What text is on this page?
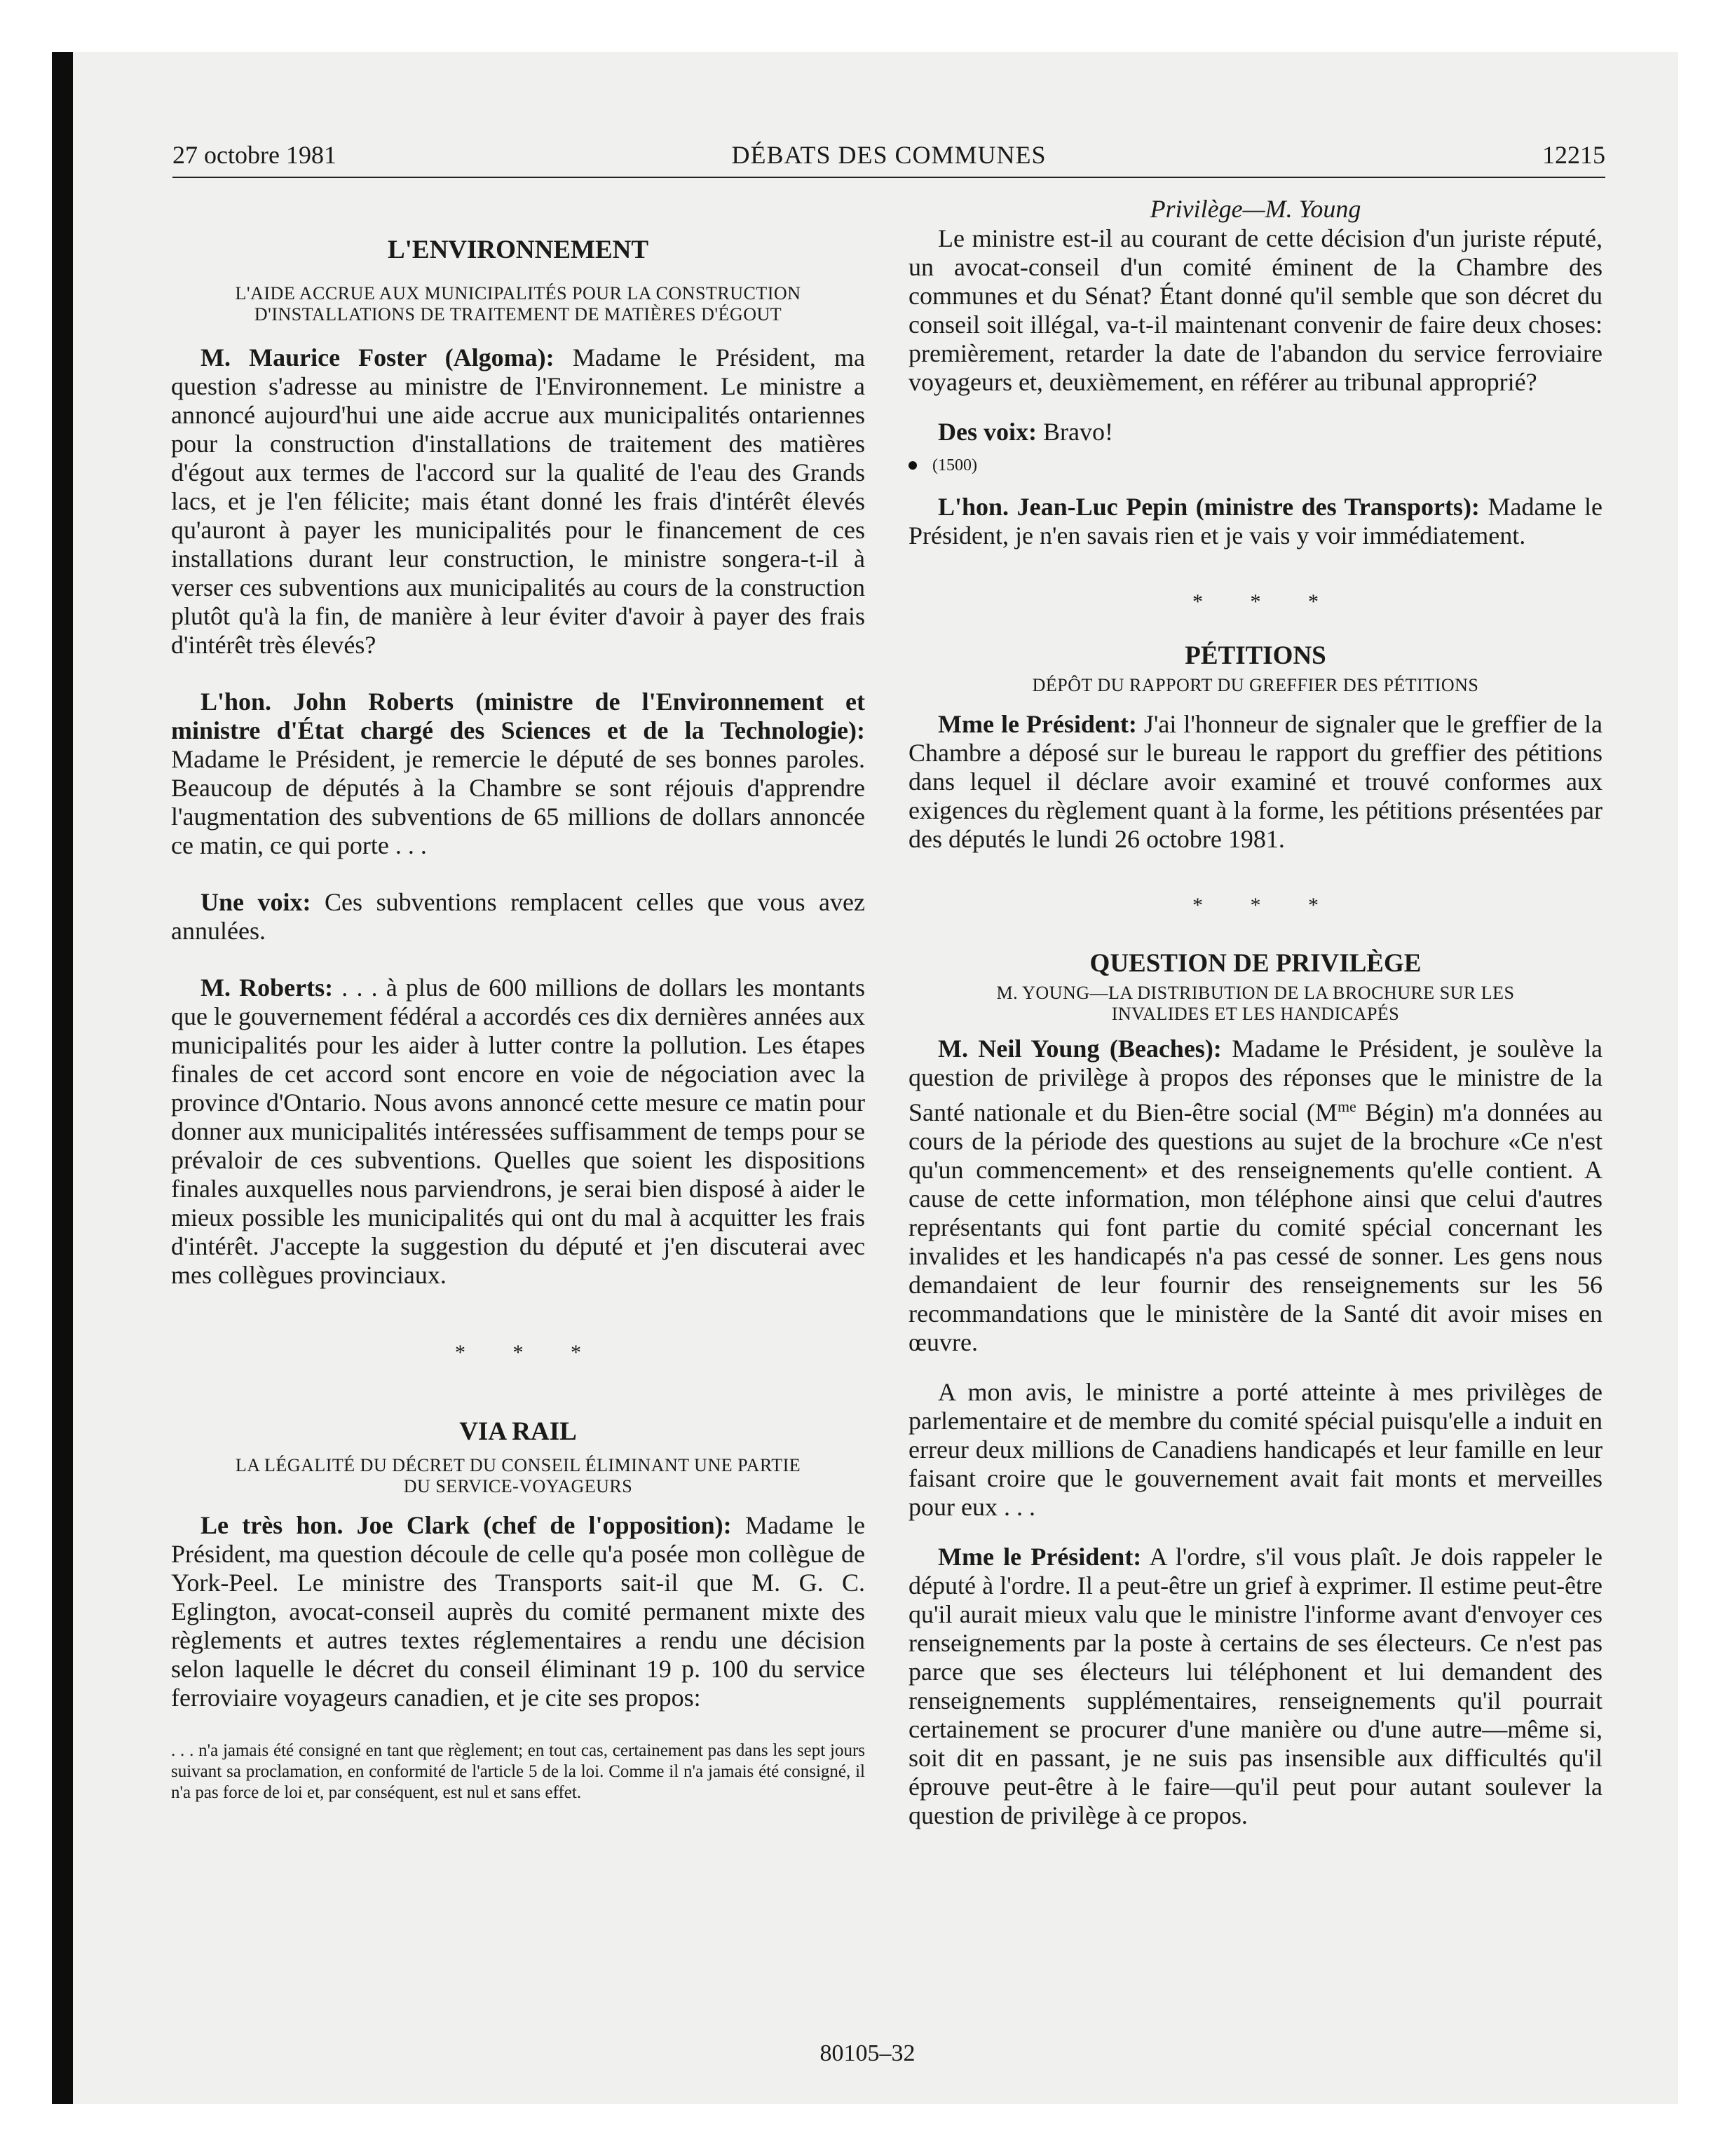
27 octobre 1981	DÉBATS DES COMMUNES	12215
L'ENVIRONNEMENT
L'AIDE ACCRUE AUX MUNICIPALITÉS POUR LA CONSTRUCTION
D'INSTALLATIONS DE TRAITEMENT DE MATIÈRES D'ÉGOUT

M. Maurice Foster (Algoma): Madame le Président, ma question s'adresse au ministre de l'Environnement. Le ministre a annoncé aujourd'hui une aide accrue aux municipalités ontariennes pour la construction d'installations de traitement des matières d'égout aux termes de l'accord sur la qualité de l'eau des Grands lacs, et je l'en félicite; mais étant donné les frais d'intérêt élevés qu'auront à payer les municipalités pour le financement de ces installations durant leur construction, le ministre songera-t-il à verser ces subventions aux municipalités au cours de la construction plutôt qu'à la fin, de manière à leur éviter d'avoir à payer des frais d'intérêt très élevés?

L'hon. John Roberts (ministre de l'Environnement et ministre d'État chargé des Sciences et de la Technologie): Madame le Président, je remercie le député de ses bonnes paroles. Beaucoup de députés à la Chambre se sont réjouis d'apprendre l'augmentation des subventions de 65 millions de dollars annoncée ce matin, ce qui porte . . .

Une voix: Ces subventions remplacent celles que vous avez annulées.

M. Roberts: . . . à plus de 600 millions de dollars les montants que le gouvernement fédéral a accordés ces dix dernières années aux municipalités pour les aider à lutter contre la pollution. Les étapes finales de cet accord sont encore en voie de négociation avec la province d'Ontario. Nous avons annoncé cette mesure ce matin pour donner aux municipalités intéressées suffisamment de temps pour se prévaloir de ces subventions. Quelles que soient les dispositions finales auxquelles nous parviendrons, je serai bien disposé à aider le mieux possible les municipalités qui ont du mal à acquitter les frais d'intérêt. J'accepte la suggestion du député et j'en discuterai avec mes collègues provinciaux.

* * *
VIA RAIL
LA LÉGALITÉ DU DÉCRET DU CONSEIL ÉLIMINANT UNE PARTIE
DU SERVICE-VOYAGEURS

Le très hon. Joe Clark (chef de l'opposition): Madame le Président, ma question découle de celle qu'a posée mon collègue de York-Peel. Le ministre des Transports sait-il que M. G. C. Eglington, avocat-conseil auprès du comité permanent mixte des règlements et autres textes réglementaires a rendu une décision selon laquelle le décret du conseil éliminant 19 p. 100 du service ferroviaire voyageurs canadien, et je cite ses propos:

. . . n'a jamais été consigné en tant que règlement; en tout cas, certainement pas dans les sept jours suivant sa proclamation, en conformité de l'article 5 de la loi. Comme il n'a jamais été consigné, il n'a pas force de loi et, par conséquent, est nul et sans effet.

Privilège—M. Young

Le ministre est-il au courant de cette décision d'un juriste réputé, un avocat-conseil d'un comité éminent de la Chambre des communes et du Sénat? Étant donné qu'il semble que son décret du conseil soit illégal, va-t-il maintenant convenir de faire deux choses: premièrement, retarder la date de l'abandon du service ferroviaire voyageurs et, deuxièmement, en référer au tribunal approprié?

Des voix: Bravo!

(1500)

L'hon. Jean-Luc Pepin (ministre des Transports): Madame le Président, je n'en savais rien et je vais y voir immédiatement.

* * *
PÉTITIONS
DÉPÔT DU RAPPORT DU GREFFIER DES PÉTITIONS

Mme le Président: J'ai l'honneur de signaler que le greffier de la Chambre a déposé sur le bureau le rapport du greffier des pétitions dans lequel il déclare avoir examiné et trouvé conformes aux exigences du règlement quant à la forme, les pétitions présentées par des députés le lundi 26 octobre 1981.

* * *
QUESTION DE PRIVILÈGE
M. YOUNG—LA DISTRIBUTION DE LA BROCHURE SUR LES
INVALIDES ET LES HANDICAPÉS

M. Neil Young (Beaches): Madame le Président, je soulève la question de privilège à propos des réponses que le ministre de la Santé nationale et du Bien-être social ($M^{me}$ Bégin) m'a données au cours de la période des questions au sujet de la brochure «Ce n'est qu'un commencement» et des renseignements qu'elle contient. A cause de cette information, mon téléphone ainsi que celui d'autres représentants qui font partie du comité spécial concernant les invalides et les handicapés n'a pas cessé de sonner. Les gens nous demandaient de leur fournir des renseignements sur les 56 recommandations que le ministère de la Santé dit avoir mises en œuvre.

A mon avis, le ministre a porté atteinte à mes privilèges de parlementaire et de membre du comité spécial puisqu'elle a induit en erreur deux millions de Canadiens handicapés et leur famille en leur faisant croire que le gouvernement avait fait monts et merveilles pour eux . . .

Mme le Président: A l'ordre, s'il vous plaît. Je dois rappeler le député à l'ordre. Il a peut-être un grief à exprimer. Il estime peut-être qu'il aurait mieux valu que le ministre l'informe avant d'envoyer ces renseignements par la poste à certains de ses électeurs. Ce n'est pas parce que ses électeurs lui téléphonent et lui demandent des renseignements supplémentaires, renseignements qu'il pourrait certainement se procurer d'une manière ou d'une autre—même si, soit dit en passant, je ne suis pas insensible aux difficultés qu'il éprouve peut-être à le faire—qu'il peut pour autant soulever la question de privilège à ce propos.

80105–32
